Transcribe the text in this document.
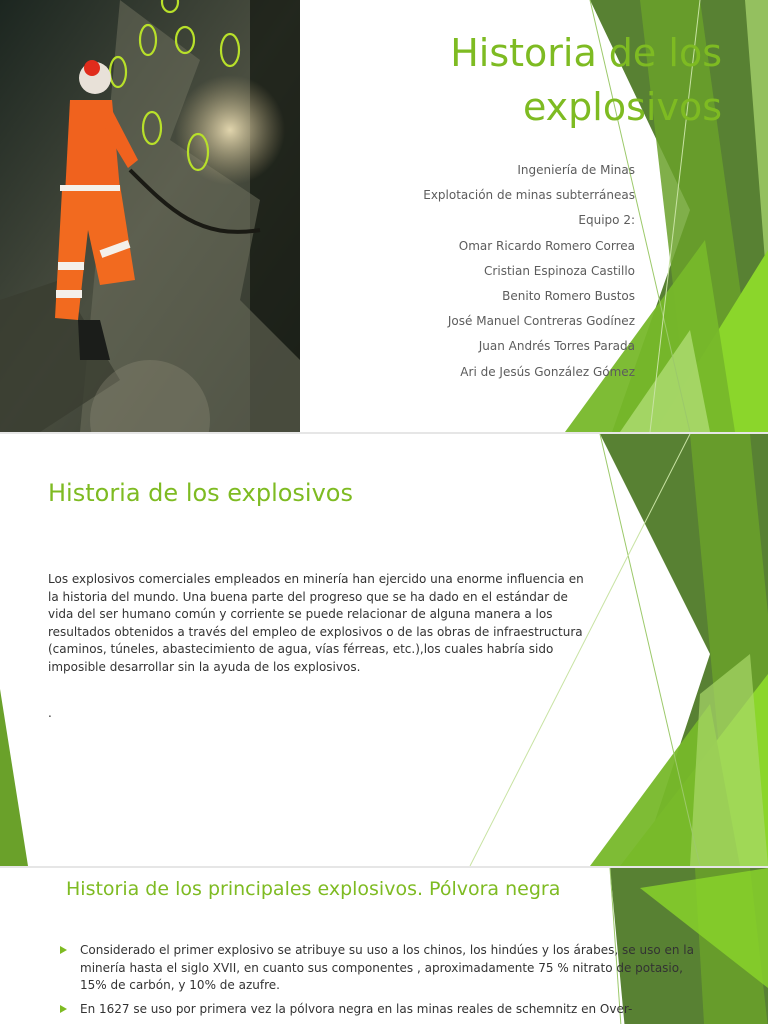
Historia de los explosivos
Ingeniería de Minas
Explotación de minas subterráneas
Equipo 2:
Omar Ricardo Romero Correa
Cristian Espinoza Castillo
Benito Romero Bustos
José Manuel Contreras Godínez
Juan Andrés Torres Parada
Ari de Jesús González Gómez
Historia de los explosivos

Los explosivos comerciales empleados en minería han ejercido una enorme influencia en la historia del mundo. Una buena parte del progreso que se ha dado en el estándar de vida del ser humano común y corriente se puede relacionar de alguna manera a los resultados obtenidos a través del empleo de explosivos o de las obras de infraestructura (caminos, túneles, abastecimiento de agua, vías férreas, etc.),los cuales habría sido imposible desarrollar sin la ayuda de los explosivos.

.

Historia de los principales explosivos. Pólvora negra
Considerado el primer explosivo se atribuye su uso a los chinos, los hindúes y los árabes, se uso en la minería hasta el siglo XVII, en cuanto sus componentes , aproximadamente 75 % nitrato de potasio, 15% de carbón, y 10% de azufre.
En 1627 se uso por primera vez la pólvora negra en las minas reales de schemnitz en Over-
